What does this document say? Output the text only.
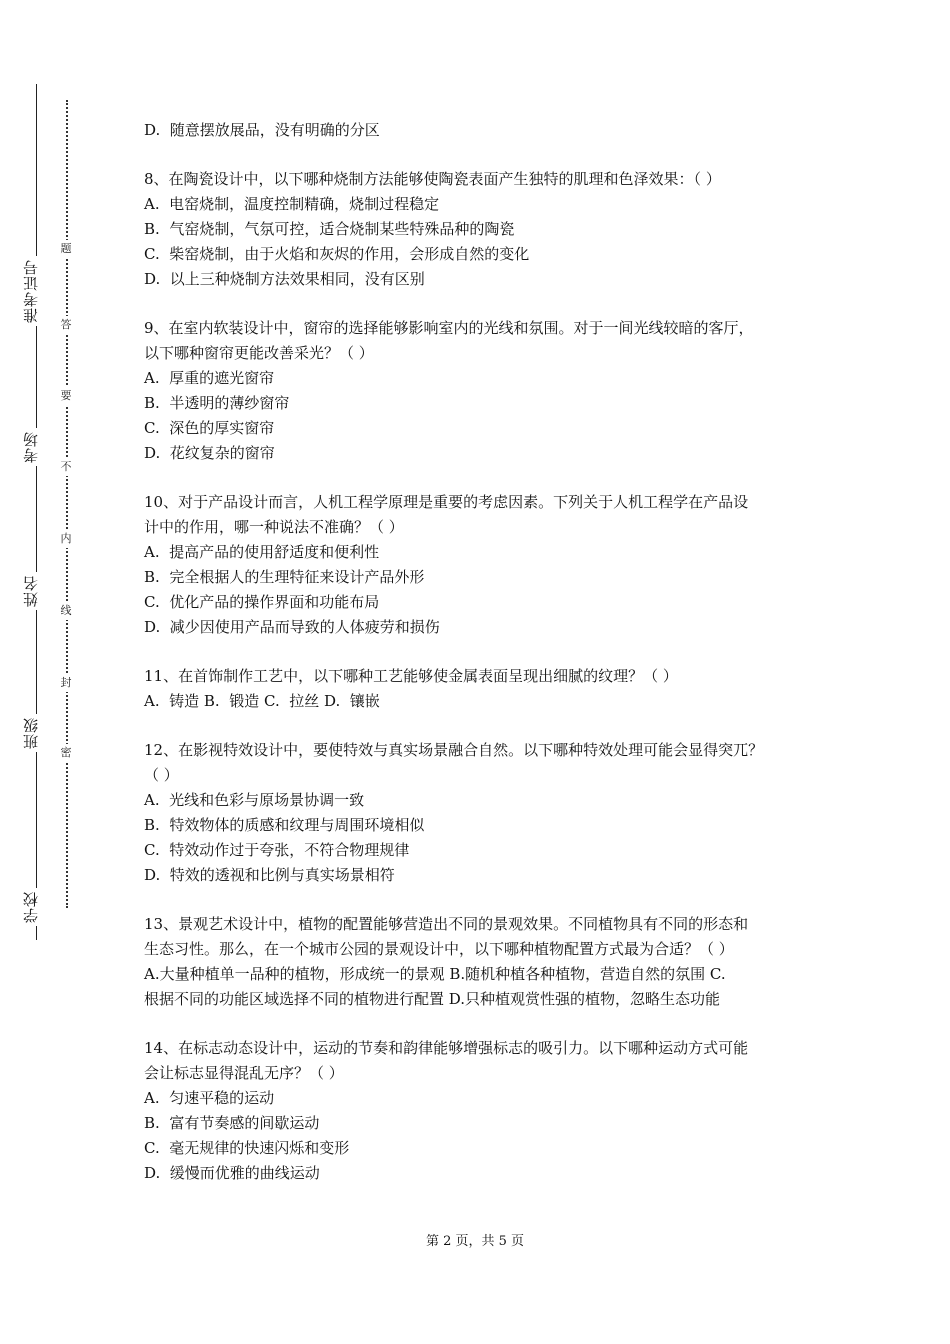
准考证号
考场
姓名
班级
学校
题
答
要
不
内
线
封
密

D.  随意摆放展品，没有明确的分区

8、在陶瓷设计中，以下哪种烧制方法能够使陶瓷表面产生独特的肌理和色泽效果：（ ）

A.  电窑烧制，温度控制精确，烧制过程稳定

B.  气窑烧制，气氛可控，适合烧制某些特殊品种的陶瓷

C.  柴窑烧制，由于火焰和灰烬的作用，会形成自然的变化

D.  以上三种烧制方法效果相同，没有区别

9、在室内软装设计中，窗帘的选择能够影响室内的光线和氛围。对于一间光线较暗的客厅，

以下哪种窗帘更能改善采光？（ ）

A.  厚重的遮光窗帘

B.  半透明的薄纱窗帘

C.  深色的厚实窗帘

D.  花纹复杂的窗帘

10、对于产品设计而言，人机工程学原理是重要的考虑因素。下列关于人机工程学在产品设

计中的作用，哪一种说法不准确？（ ）

A.  提高产品的使用舒适度和便利性

B.  完全根据人的生理特征来设计产品外形

C.  优化产品的操作界面和功能布局

D.  减少因使用产品而导致的人体疲劳和损伤

11、在首饰制作工艺中，以下哪种工艺能够使金属表面呈现出细腻的纹理？（ ）

A.  铸造 B.  锻造 C.  拉丝 D.  镶嵌

12、在影视特效设计中，要使特效与真实场景融合自然。以下哪种特效处理可能会显得突兀？

（ ）

A.  光线和色彩与原场景协调一致

B.  特效物体的质感和纹理与周围环境相似

C.  特效动作过于夸张，不符合物理规律

D.  特效的透视和比例与真实场景相符

13、景观艺术设计中，植物的配置能够营造出不同的景观效果。不同植物具有不同的形态和

生态习性。那么，在一个城市公园的景观设计中，以下哪种植物配置方式最为合适？（ ）

A.大量种植单一品种的植物，形成统一的景观 B.随机种植各种植物，营造自然的氛围 C.

根据不同的功能区域选择不同的植物进行配置 D.只种植观赏性强的植物，忽略生态功能

14、在标志动态设计中，运动的节奏和韵律能够增强标志的吸引力。以下哪种运动方式可能

会让标志显得混乱无序？（ ）

A.  匀速平稳的运动

B.  富有节奏感的间歇运动

C.  毫无规律的快速闪烁和变形

D.  缓慢而优雅的曲线运动

第 2 页，共 5 页
